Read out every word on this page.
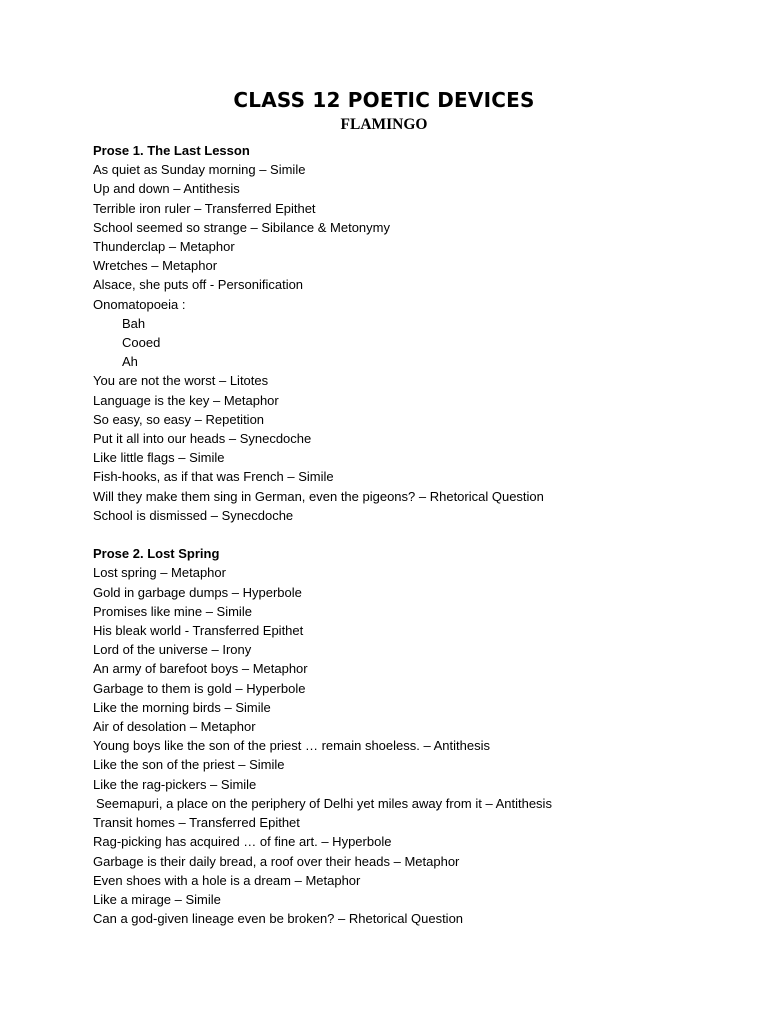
CLASS 12 POETIC DEVICES
FLAMINGO

Prose 1. The Last Lesson

As quiet as Sunday morning – Simile

Up and down – Antithesis

Terrible iron ruler – Transferred Epithet

School seemed so strange – Sibilance & Metonymy

Thunderclap – Metaphor

Wretches – Metaphor

Alsace, she puts off - Personification

Onomatopoeia :

Bah

Cooed

Ah

You are not the worst – Litotes

Language is the key – Metaphor

So easy, so easy – Repetition

Put it all into our heads – Synecdoche

Like little flags – Simile

Fish-hooks, as if that was French – Simile

Will they make them sing in German, even the pigeons? – Rhetorical Question

School is dismissed – Synecdoche

Prose 2. Lost Spring

Lost spring – Metaphor

Gold in garbage dumps – Hyperbole

Promises like mine – Simile

His bleak world - Transferred Epithet

Lord of the universe – Irony

An army of barefoot boys – Metaphor

Garbage to them is gold – Hyperbole

Like the morning birds – Simile

Air of desolation – Metaphor

Young boys like the son of the priest … remain shoeless. – Antithesis

Like the son of the priest – Simile

Like the rag-pickers – Simile

Seemapuri, a place on the periphery of Delhi yet miles away from it – Antithesis

Transit homes – Transferred Epithet

Rag-picking has acquired … of fine art. – Hyperbole

Garbage is their daily bread, a roof over their heads – Metaphor

Even shoes with a hole is a dream – Metaphor

Like a mirage – Simile

Can a god-given lineage even be broken? – Rhetorical Question
